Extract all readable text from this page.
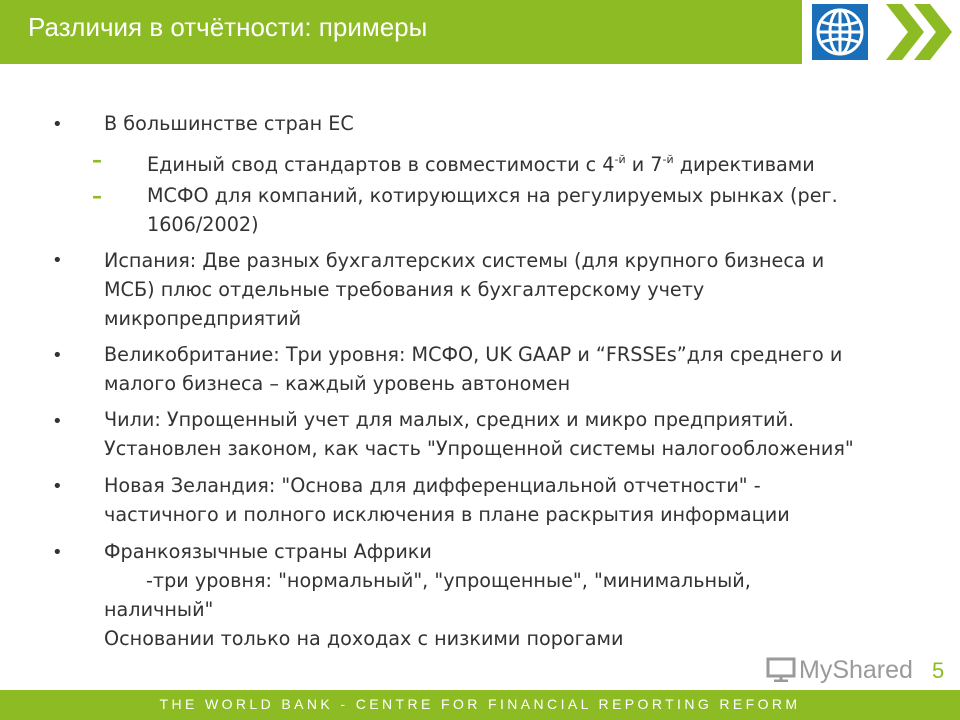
Различия в отчётности: примеры
•
В большинстве стран ЕС
– Единый свод стандартов в совместимости с $4^{-й}$ и $7^{-й}$ директивами
– МСФО для компаний, котирующихся на регулируемых рынках (рег.
1606/2002)
•
Испания: Две разных бухгалтерских системы (для крупного бизнеса и
МСБ) плюс отдельные требования к бухгалтерскому учету
микропредприятий
•
Великобритание: Три уровня: МСФО, UK GAAP и “FRSSEs”для среднего и
малого бизнеса – каждый уровень автономен
•
Чили: Упрощенный учет для малых, средних и микро предприятий.
Установлен законом, как часть "Упрощенной системы налогообложения"
•
Новая Зеландия: "Основа для дифференциальной отчетности" -
частичного и полного исключения в плане раскрытия информации
•
Франкоязычные страны Африки
-три уровня: "нормальный", "упрощенные", "минимальный,
наличный"
Основании только на доходах с низкими порогами
MyShared 5
THE WORLD BANK - CENTRE FOR FINANCIAL REPORTING REFORM
